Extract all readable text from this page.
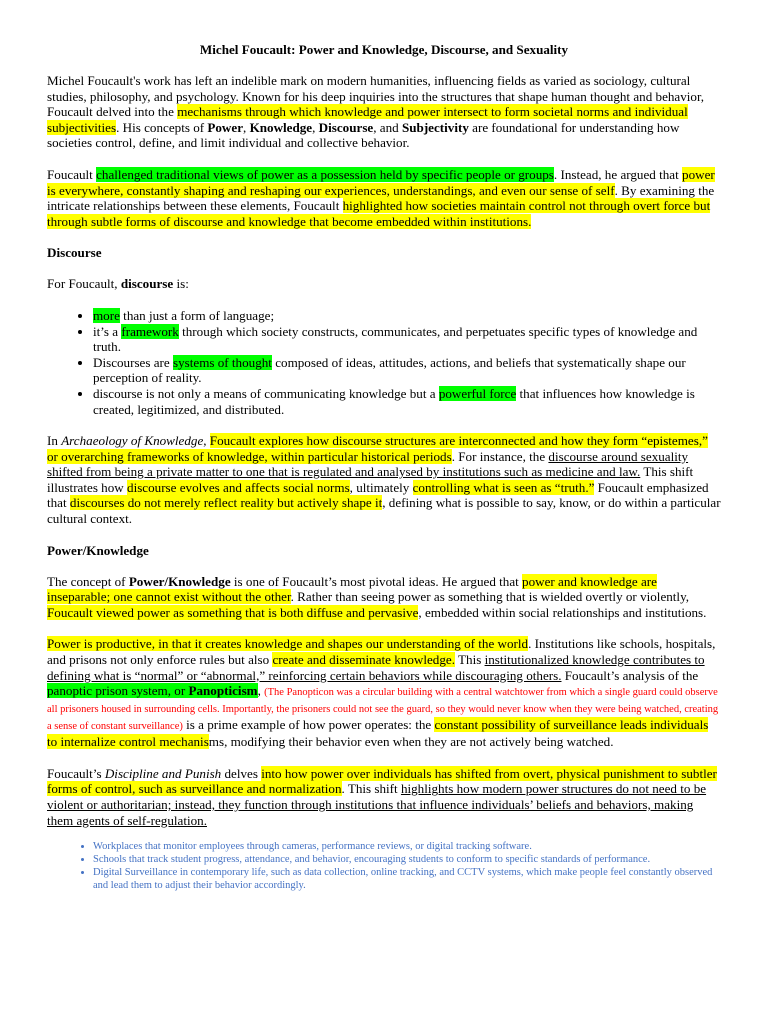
Michel Foucault: Power and Knowledge, Discourse, and Sexuality

Michel Foucault's work has left an indelible mark on modern humanities, influencing fields as varied as sociology, cultural studies, philosophy, and psychology. Known for his deep inquiries into the structures that shape human thought and behavior, Foucault delved into the mechanisms through which knowledge and power intersect to form societal norms and individual subjectivities. His concepts of Power, Knowledge, Discourse, and Subjectivity are foundational for understanding how societies control, define, and limit individual and collective behavior.

Foucault challenged traditional views of power as a possession held by specific people or groups. Instead, he argued that power is everywhere, constantly shaping and reshaping our experiences, understandings, and even our sense of self. By examining the intricate relationships between these elements, Foucault highlighted how societies maintain control not through overt force but through subtle forms of discourse and knowledge that become embedded within institutions.

Discourse

For Foucault, discourse is:

• more than just a form of language;
• it’s a framework through which society constructs, communicates, and perpetuates specific types of knowledge and truth.
• Discourses are systems of thought composed of ideas, attitudes, actions, and beliefs that systematically shape our perception of reality.
• discourse is not only a means of communicating knowledge but a powerful force that influences how knowledge is created, legitimized, and distributed.

In Archaeology of Knowledge, Foucault explores how discourse structures are interconnected and how they form “epistemes,” or overarching frameworks of knowledge, within particular historical periods. For instance, the discourse around sexuality shifted from being a private matter to one that is regulated and analysed by institutions such as medicine and law. This shift illustrates how discourse evolves and affects social norms, ultimately controlling what is seen as “truth.” Foucault emphasized that discourses do not merely reflect reality but actively shape it, defining what is possible to say, know, or do within a particular cultural context.

Power/Knowledge

The concept of Power/Knowledge is one of Foucault’s most pivotal ideas. He argued that power and knowledge are inseparable; one cannot exist without the other. Rather than seeing power as something that is wielded overtly or violently, Foucault viewed power as something that is both diffuse and pervasive, embedded within social relationships and institutions.

Power is productive, in that it creates knowledge and shapes our understanding of the world. Institutions like schools, hospitals, and prisons not only enforce rules but also create and disseminate knowledge. This institutionalized knowledge contributes to defining what is “normal” or “abnormal,” reinforcing certain behaviors while discouraging others. Foucault’s analysis of the panoptic prison system, or Panopticism, (The Panopticon was a circular building with a central watchtower from which a single guard could observe all prisoners housed in surrounding cells. Importantly, the prisoners could not see the guard, so they would never know when they were being watched, creating a sense of constant surveillance) is a prime example of how power operates: the constant possibility of surveillance leads individuals to internalize control mechanisms, modifying their behavior even when they are not actively being watched.

Foucault’s Discipline and Punish delves into how power over individuals has shifted from overt, physical punishment to subtler forms of control, such as surveillance and normalization. This shift highlights how modern power structures do not need to be violent or authoritarian; instead, they function through institutions that influence individuals’ beliefs and behaviors, making them agents of self-regulation.

• Workplaces that monitor employees through cameras, performance reviews, or digital tracking software.
• Schools that track student progress, attendance, and behavior, encouraging students to conform to specific standards of performance.
• Digital Surveillance in contemporary life, such as data collection, online tracking, and CCTV systems, which make people feel constantly observed and lead them to adjust their behavior accordingly.
